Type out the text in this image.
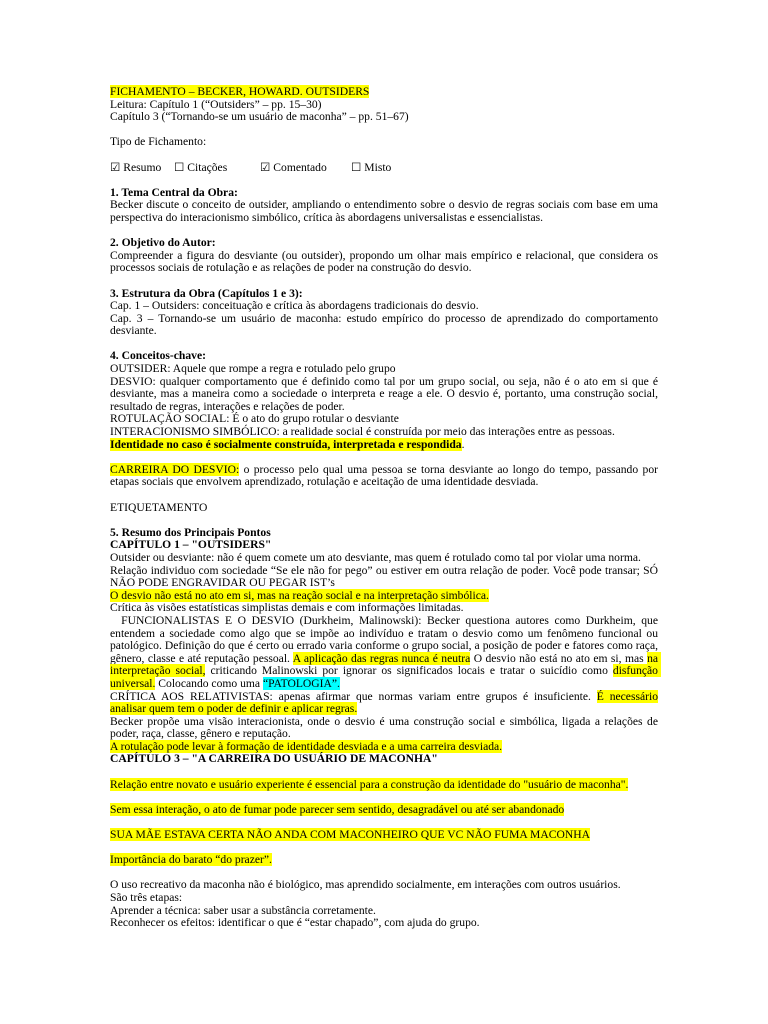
FICHAMENTO – BECKER, HOWARD. OUTSIDERS

Leitura: Capítulo 1 (“Outsiders” – pp. 15–30)

Capítulo 3 (“Tornando-se um usuário de maconha” – pp. 51–67)

Tipo de Fichamento:

☑ Resumo ☐ Citações	☑ Comentado ☐ Misto

1. Tema Central da Obra:

Becker discute o conceito de outsider, ampliando o entendimento sobre o desvio de regras sociais com base em uma perspectiva do interacionismo simbólico, crítica às abordagens universalistas e essencialistas.

2. Objetivo do Autor:

Compreender a figura do desviante (ou outsider), propondo um olhar mais empírico e relacional, que considera os processos sociais de rotulação e as relações de poder na construção do desvio.

3. Estrutura da Obra (Capítulos 1 e 3):

Cap. 1 – Outsiders: conceituação e crítica às abordagens tradicionais do desvio.

Cap. 3 – Tornando-se um usuário de maconha: estudo empírico do processo de aprendizado do comportamento desviante.

4. Conceitos-chave:

OUTSIDER: Aquele que rompe a regra e rotulado pelo grupo

DESVIO: qualquer comportamento que é definido como tal por um grupo social, ou seja, não é o ato em si que é desviante, mas a maneira como a sociedade o interpreta e reage a ele. O desvio é, portanto, uma construção social, resultado de regras, interações e relações de poder.

ROTULAÇÃO SOCIAL: É o ato do grupo rotular o desviante

INTERACIONISMO SIMBÓLICO: a realidade social é construída por meio das interações entre as pessoas.

Identidade no caso é socialmente construída, interpretada e respondida.

CARREIRA DO DESVIO: o processo pelo qual uma pessoa se torna desviante ao longo do tempo, passando por etapas sociais que envolvem aprendizado, rotulação e aceitação de uma identidade desviada.

ETIQUETAMENTO

5. Resumo dos Principais Pontos

CAPÍTULO 1 – "OUTSIDERS"

Outsider ou desviante: não é quem comete um ato desviante, mas quem é rotulado como tal por violar uma norma.

Relação individuo com sociedade “Se ele não for pego” ou estiver em outra relação de poder. Você pode transar; SÓ NÃO PODE ENGRAVIDAR OU PEGAR IST’s

O desvio não está no ato em si, mas na reação social e na interpretação simbólica.

Crítica às visões estatísticas simplistas demais e com informações limitadas.

FUNCIONALISTAS E O DESVIO (Durkheim, Malinowski): Becker questiona autores como Durkheim, que entendem a sociedade como algo que se impõe ao indivíduo e tratam o desvio como um fenômeno funcional ou patológico. Definição do que é certo ou errado varia conforme o grupo social, a posição de poder e fatores como raça, gênero, classe e até reputação pessoal. A aplicação das regras nunca é neutra O desvio não está no ato em si, mas na interpretação social, criticando Malinowski por ignorar os significados locais e tratar o suicídio como disfunção universal. Colocando como uma “PATOLOGIA”.

CRÍTICA AOS RELATIVISTAS: apenas afirmar que normas variam entre grupos é insuficiente. É necessário analisar quem tem o poder de definir e aplicar regras.

Becker propõe uma visão interacionista, onde o desvio é uma construção social e simbólica, ligada a relações de poder, raça, classe, gênero e reputação.

A rotulação pode levar à formação de identidade desviada e a uma carreira desviada.

CAPÍTULO 3 – "A CARREIRA DO USUÁRIO DE MACONHA"

Relação entre novato e usuário experiente é essencial para a construção da identidade do "usuário de maconha".

Sem essa interação, o ato de fumar pode parecer sem sentido, desagradável ou até ser abandonado

SUA MÃE ESTAVA CERTA NÃO ANDA COM MACONHEIRO QUE VC NÃO FUMA MACONHA

Importância do barato “do prazer”.

O uso recreativo da maconha não é biológico, mas aprendido socialmente, em interações com outros usuários.

São três etapas:

Aprender a técnica: saber usar a substância corretamente.

Reconhecer os efeitos: identificar o que é “estar chapado”, com ajuda do grupo.
